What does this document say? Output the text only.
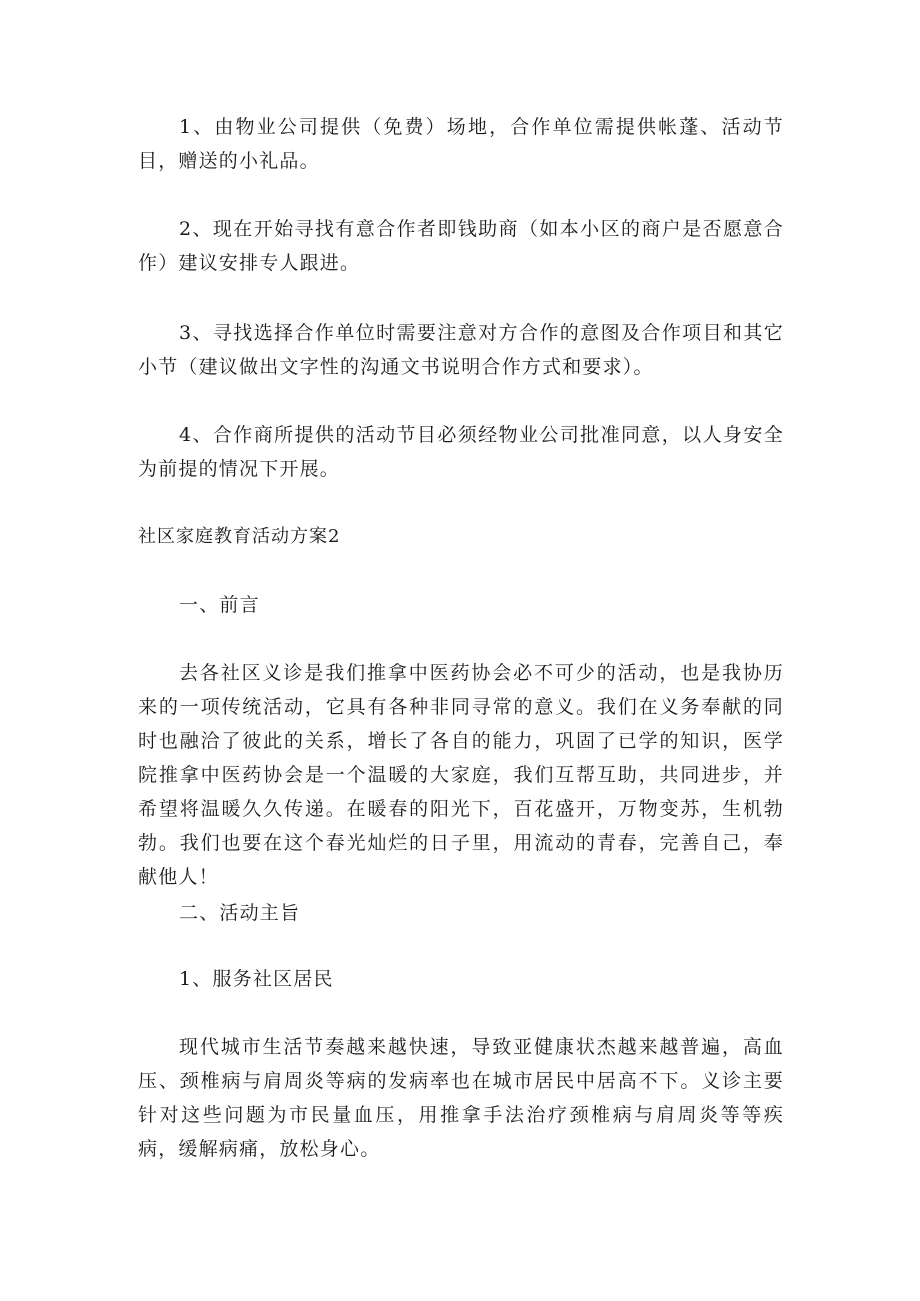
1、由物业公司提供（免费）场地，合作单位需提供帐蓬、活动节目，赠送的小礼品。

2、现在开始寻找有意合作者即钱助商（如本小区的商户是否愿意合作）建议安排专人跟进。

3、寻找选择合作单位时需要注意对方合作的意图及合作项目和其它小节（建议做出文字性的沟通文书说明合作方式和要求）。

4、合作商所提供的活动节目必须经物业公司批准同意，以人身安全为前提的情况下开展。

社区家庭教育活动方案2

一、前言

去各社区义诊是我们推拿中医药协会必不可少的活动，也是我协历来的一项传统活动，它具有各种非同寻常的意义。我们在义务奉献的同时也融洽了彼此的关系，增长了各自的能力，巩固了已学的知识，医学院推拿中医药协会是一个温暖的大家庭，我们互帮互助，共同进步，并希望将温暖久久传递。在暖春的阳光下，百花盛开，万物变苏，生机勃勃。我们也要在这个春光灿烂的日子里，用流动的青春，完善自己，奉献他人！

二、活动主旨

1、服务社区居民

现代城市生活节奏越来越快速，导致亚健康状杰越来越普遍，高血压、颈椎病与肩周炎等病的发病率也在城市居民中居高不下。义诊主要针对这些问题为市民量血压，用推拿手法治疗颈椎病与肩周炎等等疾病，缓解病痛，放松身心。
